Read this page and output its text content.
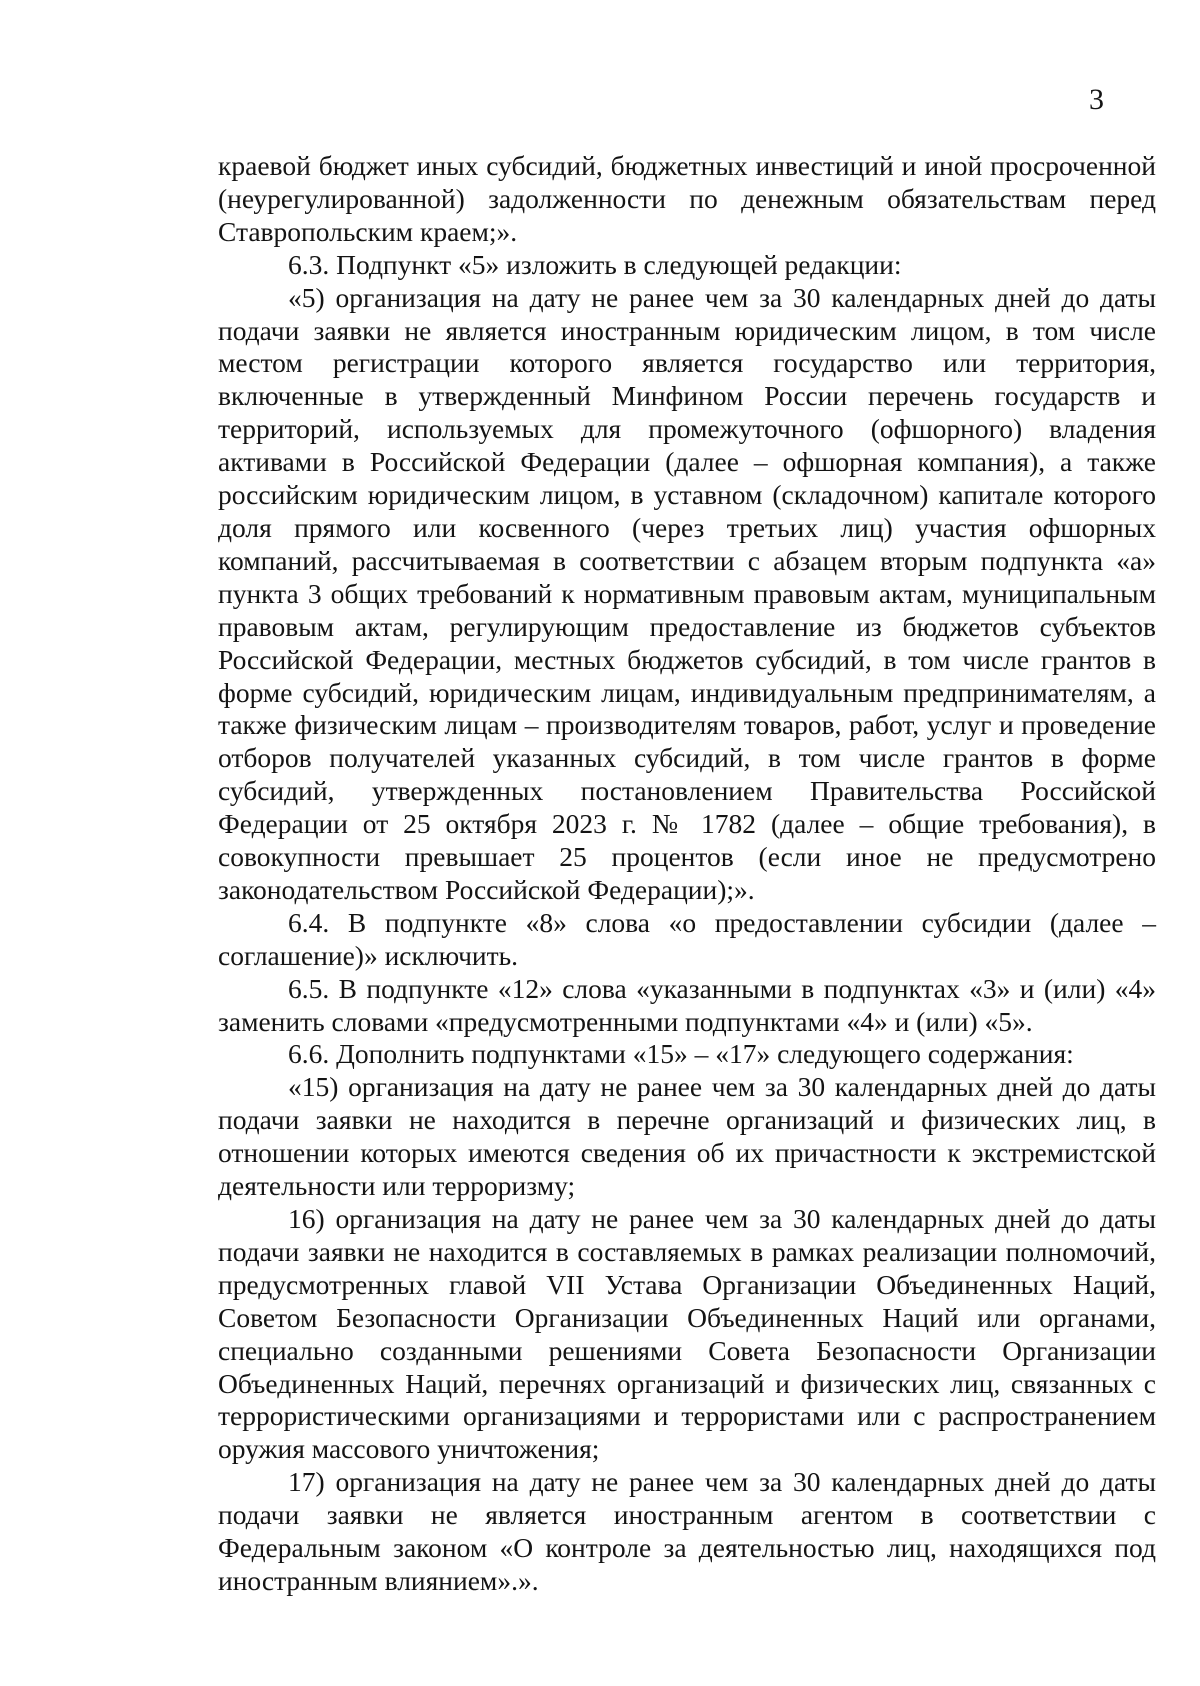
3

краевой бюджет иных субсидий, бюджетных инвестиций и иной просроченной (неурегулированной) задолженности по денежным обязательствам перед Ставропольским краем;».

6.3. Подпункт «5» изложить в следующей редакции:

«5) организация на дату не ранее чем за 30 календарных дней до даты подачи заявки не является иностранным юридическим лицом, в том числе местом регистрации которого является государство или территория, включенные в утвержденный Минфином России перечень государств и территорий, используемых для промежуточного (офшорного) владения активами в Российской Федерации (далее – офшорная компания), а также российским юридическим лицом, в уставном (складочном) капитале которого доля прямого или косвенного (через третьих лиц) участия офшорных компаний, рассчитываемая в соответствии с абзацем вторым подпункта «а» пункта 3 общих требований к нормативным правовым актам, муниципальным правовым актам, регулирующим предоставление из бюджетов субъектов Российской Федерации, местных бюджетов субсидий, в том числе грантов в форме субсидий, юридическим лицам, индивидуальным предпринимателям, а также физическим лицам – производителям товаров, работ, услуг и проведение отборов получателей указанных субсидий, в том числе грантов в форме субсидий, утвержденных постановлением Правительства Российской Федерации от 25 октября 2023 г. № 1782 (далее – общие требования), в совокупности превышает 25 процентов (если иное не предусмотрено законодательством Российской Федерации);».

6.4. В подпункте «8» слова «о предоставлении субсидии (далее – соглашение)» исключить.

6.5. В подпункте «12» слова «указанными в подпунктах «3» и (или) «4» заменить словами «предусмотренными подпунктами «4» и (или) «5».

6.6. Дополнить подпунктами «15» – «17» следующего содержания:

«15) организация на дату не ранее чем за 30 календарных дней до даты подачи заявки не находится в перечне организаций и физических лиц, в отношении которых имеются сведения об их причастности к экстремистской деятельности или терроризму;

16) организация на дату не ранее чем за 30 календарных дней до даты подачи заявки не находится в составляемых в рамках реализации полномочий, предусмотренных главой VII Устава Организации Объединенных Наций, Советом Безопасности Организации Объединенных Наций или органами, специально созданными решениями Совета Безопасности Организации Объединенных Наций, перечнях организаций и физических лиц, связанных с террористическими организациями и террористами или с распространением оружия массового уничтожения;

17) организация на дату не ранее чем за 30 календарных дней до даты подачи заявки не является иностранным агентом в соответствии с Федеральным законом «О контроле за деятельностью лиц, находящихся под иностранным влиянием».».
